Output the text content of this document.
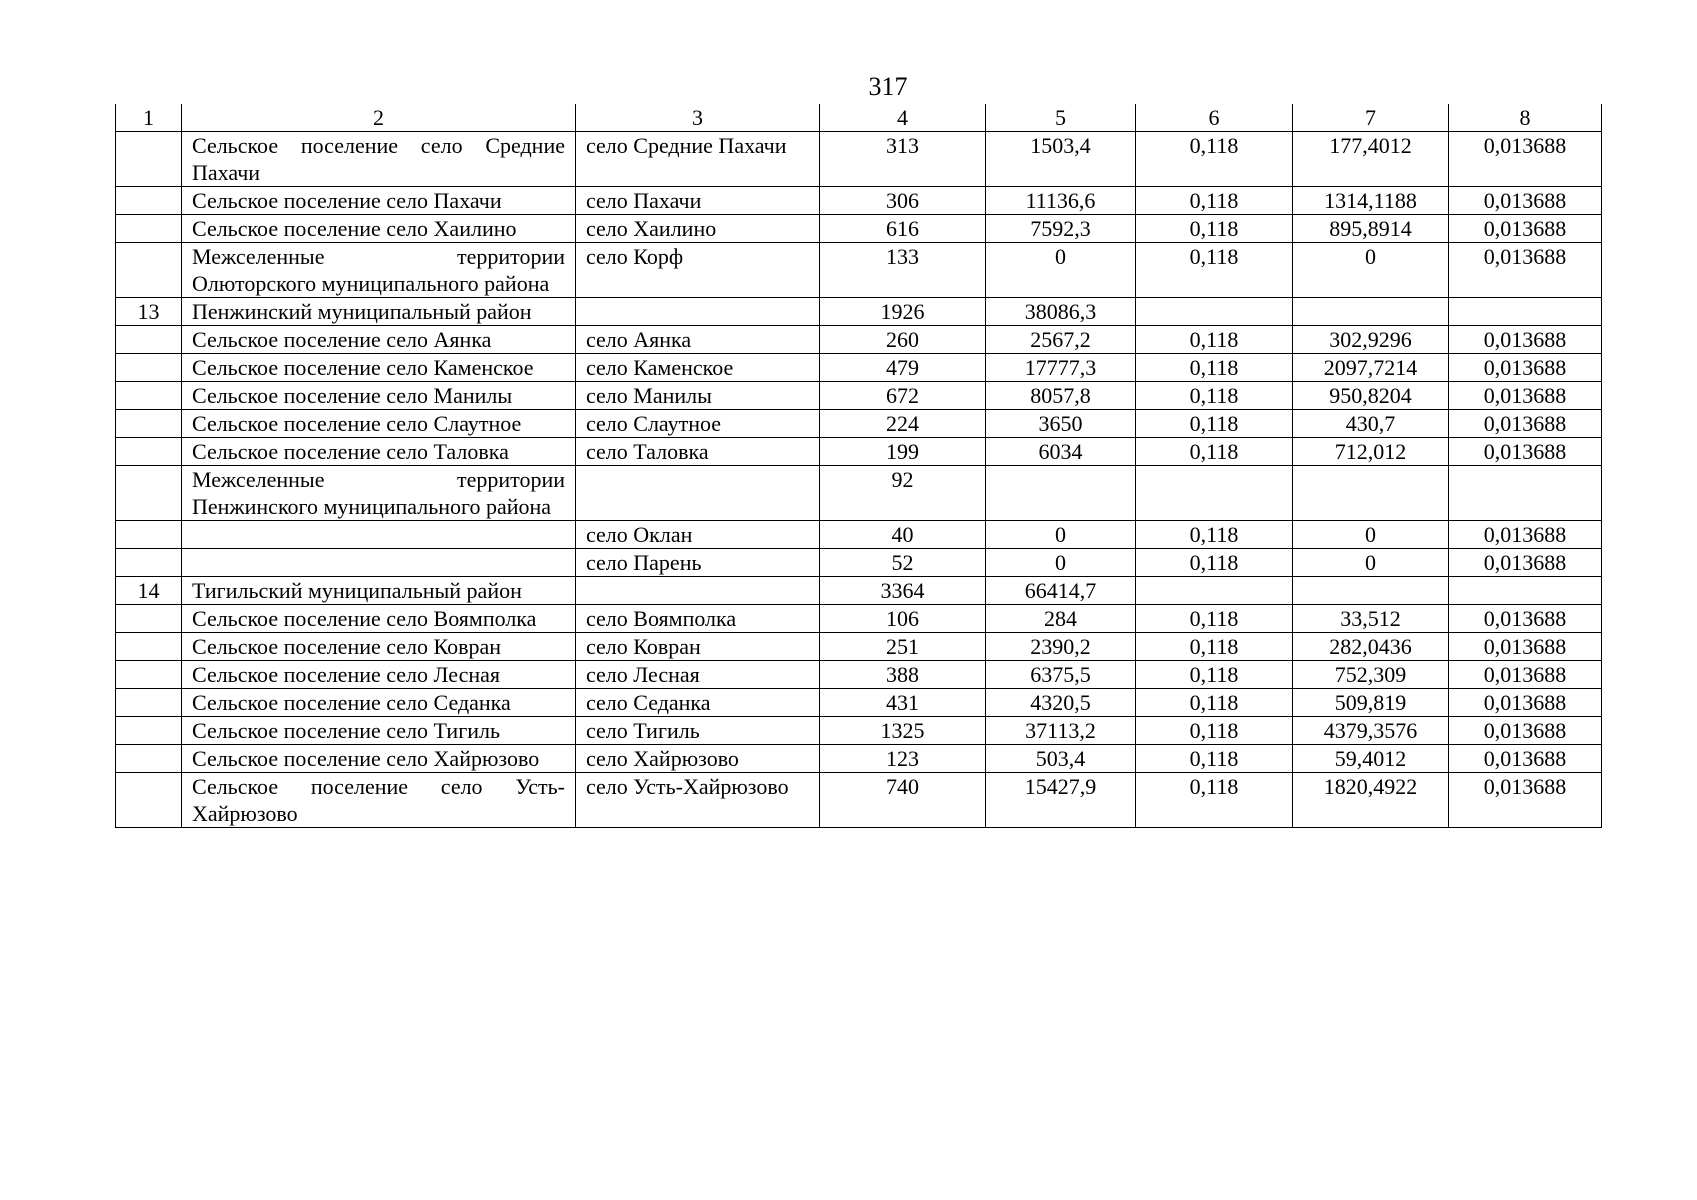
317
1	2	3	4	5	6	7	8
	Сельское поселение село Средние Пахачи	село Средние Пахачи	313	1503,4	0,118	177,4012	0,013688
	Сельское поселение село Пахачи	село Пахачи	306	11136,6	0,118	1314,1188	0,013688
	Сельское поселение село Хаилино	село Хаилино	616	7592,3	0,118	895,8914	0,013688
	Межселенные территории Олюторского муниципального района	село Корф	133	0	0,118	0	0,013688
13	Пенжинский муниципальный район		1926	38086,3			
	Сельское поселение село Аянка	село Аянка	260	2567,2	0,118	302,9296	0,013688
	Сельское поселение село Каменское	село Каменское	479	17777,3	0,118	2097,7214	0,013688
	Сельское поселение село Манилы	село Манилы	672	8057,8	0,118	950,8204	0,013688
	Сельское поселение село Слаутное	село Слаутное	224	3650	0,118	430,7	0,013688
	Сельское поселение село Таловка	село Таловка	199	6034	0,118	712,012	0,013688
	Межселенные территории Пенжинского муниципального района		92				
		село Оклан	40	0	0,118	0	0,013688
		село Парень	52	0	0,118	0	0,013688
14	Тигильский муниципальный район		3364	66414,7			
	Сельское поселение село Воямполка	село Воямполка	106	284	0,118	33,512	0,013688
	Сельское поселение село Ковран	село Ковран	251	2390,2	0,118	282,0436	0,013688
	Сельское поселение село Лесная	село Лесная	388	6375,5	0,118	752,309	0,013688
	Сельское поселение село Седанка	село Седанка	431	4320,5	0,118	509,819	0,013688
	Сельское поселение село Тигиль	село Тигиль	1325	37113,2	0,118	4379,3576	0,013688
	Сельское поселение село Хайрюзово	село Хайрюзово	123	503,4	0,118	59,4012	0,013688
	Сельское поселение село Усть-Хайрюзово	село Усть-Хайрюзово	740	15427,9	0,118	1820,4922	0,013688
